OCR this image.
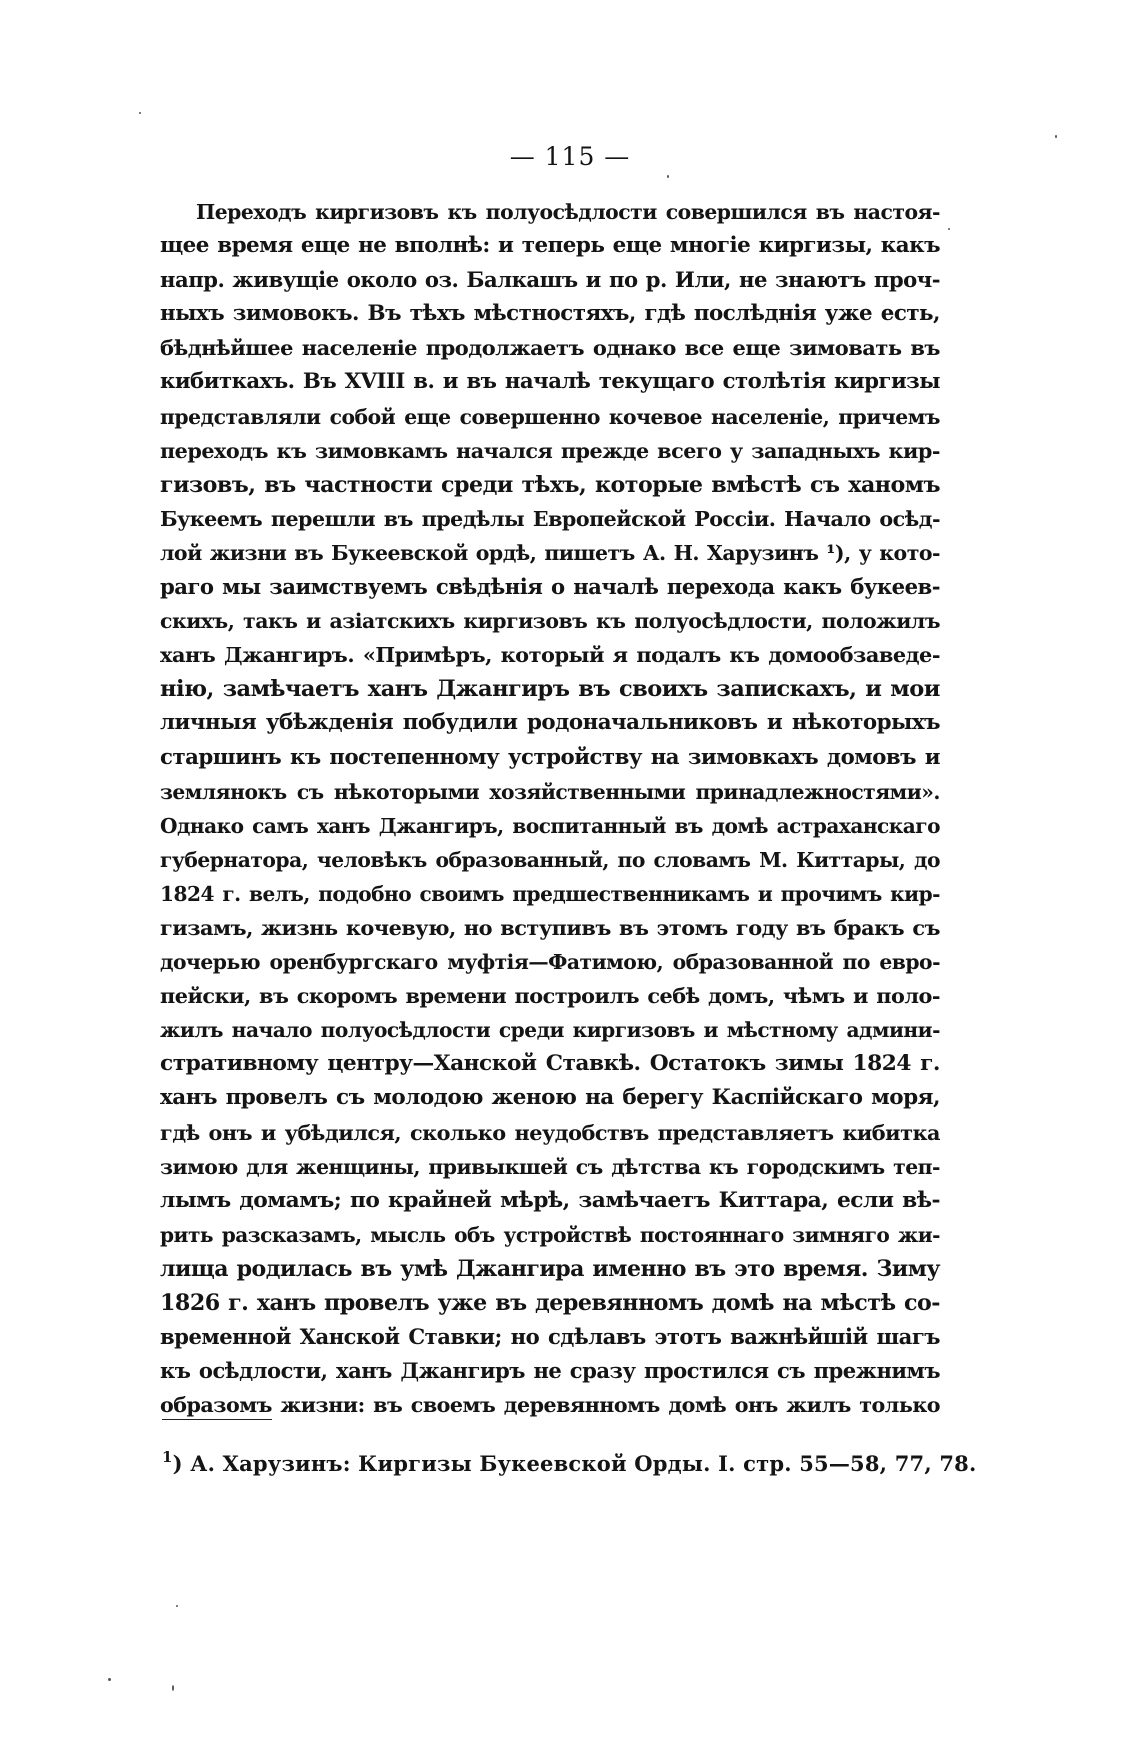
— 115 —
Переходъ киргизовъ къ полуосѣдлости совершился въ настоя-
щее время еще не вполнѣ: и теперь еще многіе киргизы, какъ
напр. живущіе около оз. Балкашъ и по р. Или, не знаютъ проч-
ныхъ зимовокъ. Въ тѣхъ мѣстностяхъ, гдѣ послѣднія уже есть,
бѣднѣйшее населеніе продолжаетъ однако все еще зимовать въ
кибиткахъ. Въ XVIII в. и въ началѣ текущаго столѣтія киргизы
представляли собой еще совершенно кочевое населеніе, причемъ
переходъ къ зимовкамъ начался прежде всего у западныхъ кир-
гизовъ, въ частности среди тѣхъ, которые вмѣстѣ съ ханомъ
Букеемъ перешли въ предѣлы Европейской Россіи. Начало осѣд-
лой жизни въ Букеевской ордѣ, пишетъ А. Н. Харузинъ ¹), у кото-
раго мы заимствуемъ свѣдѣнія о началѣ перехода какъ букеев-
скихъ, такъ и азіатскихъ киргизовъ къ полуосѣдлости, положилъ
ханъ Джангиръ. «Примѣръ, который я подалъ къ домообзаведе-
нію, замѣчаетъ ханъ Джангиръ въ своихъ запискахъ, и мои
личныя убѣжденія побудили родоначальниковъ и нѣкоторыхъ
старшинъ къ постепенному устройству на зимовкахъ домовъ и
землянокъ съ нѣкоторыми хозяйственными принадлежностями».
Однако самъ ханъ Джангиръ, воспитанный въ домѣ астраханскаго
губернатора, человѣкъ образованный, по словамъ М. Киттары, до
1824 г. велъ, подобно своимъ предшественникамъ и прочимъ кир-
гизамъ, жизнь кочевую, но вступивъ въ этомъ году въ бракъ съ
дочерью оренбургскаго муфтія—Фатимою, образованной по евро-
пейски, въ скоромъ времени построилъ себѣ домъ, чѣмъ и поло-
жилъ начало полуосѣдлости среди киргизовъ и мѣстному админи-
стративному центру—Ханской Ставкѣ. Остатокъ зимы 1824 г.
ханъ провелъ съ молодою женою на берегу Каспійскаго моря,
гдѣ онъ и убѣдился, сколько неудобствъ представляетъ кибитка
зимою для женщины, привыкшей съ дѣтства къ городскимъ теп-
лымъ домамъ; по крайней мѣрѣ, замѣчаетъ Киттара, если вѣ-
рить разсказамъ, мысль объ устройствѣ постояннаго зимняго жи-
лища родилась въ умѣ Джангира именно въ это время. Зиму
1826 г. ханъ провелъ уже въ деревянномъ домѣ на мѣстѣ со-
временной Ханской Ставки; но сдѣлавъ этотъ важнѣйшій шагъ
къ осѣдлости, ханъ Джангиръ не сразу простился съ прежнимъ
образомъ жизни: въ своемъ деревянномъ домѣ онъ жилъ только
$^1$) А. Харузинъ: Киргизы Букеевской Орды. I. стр. 55—58, 77, 78.
